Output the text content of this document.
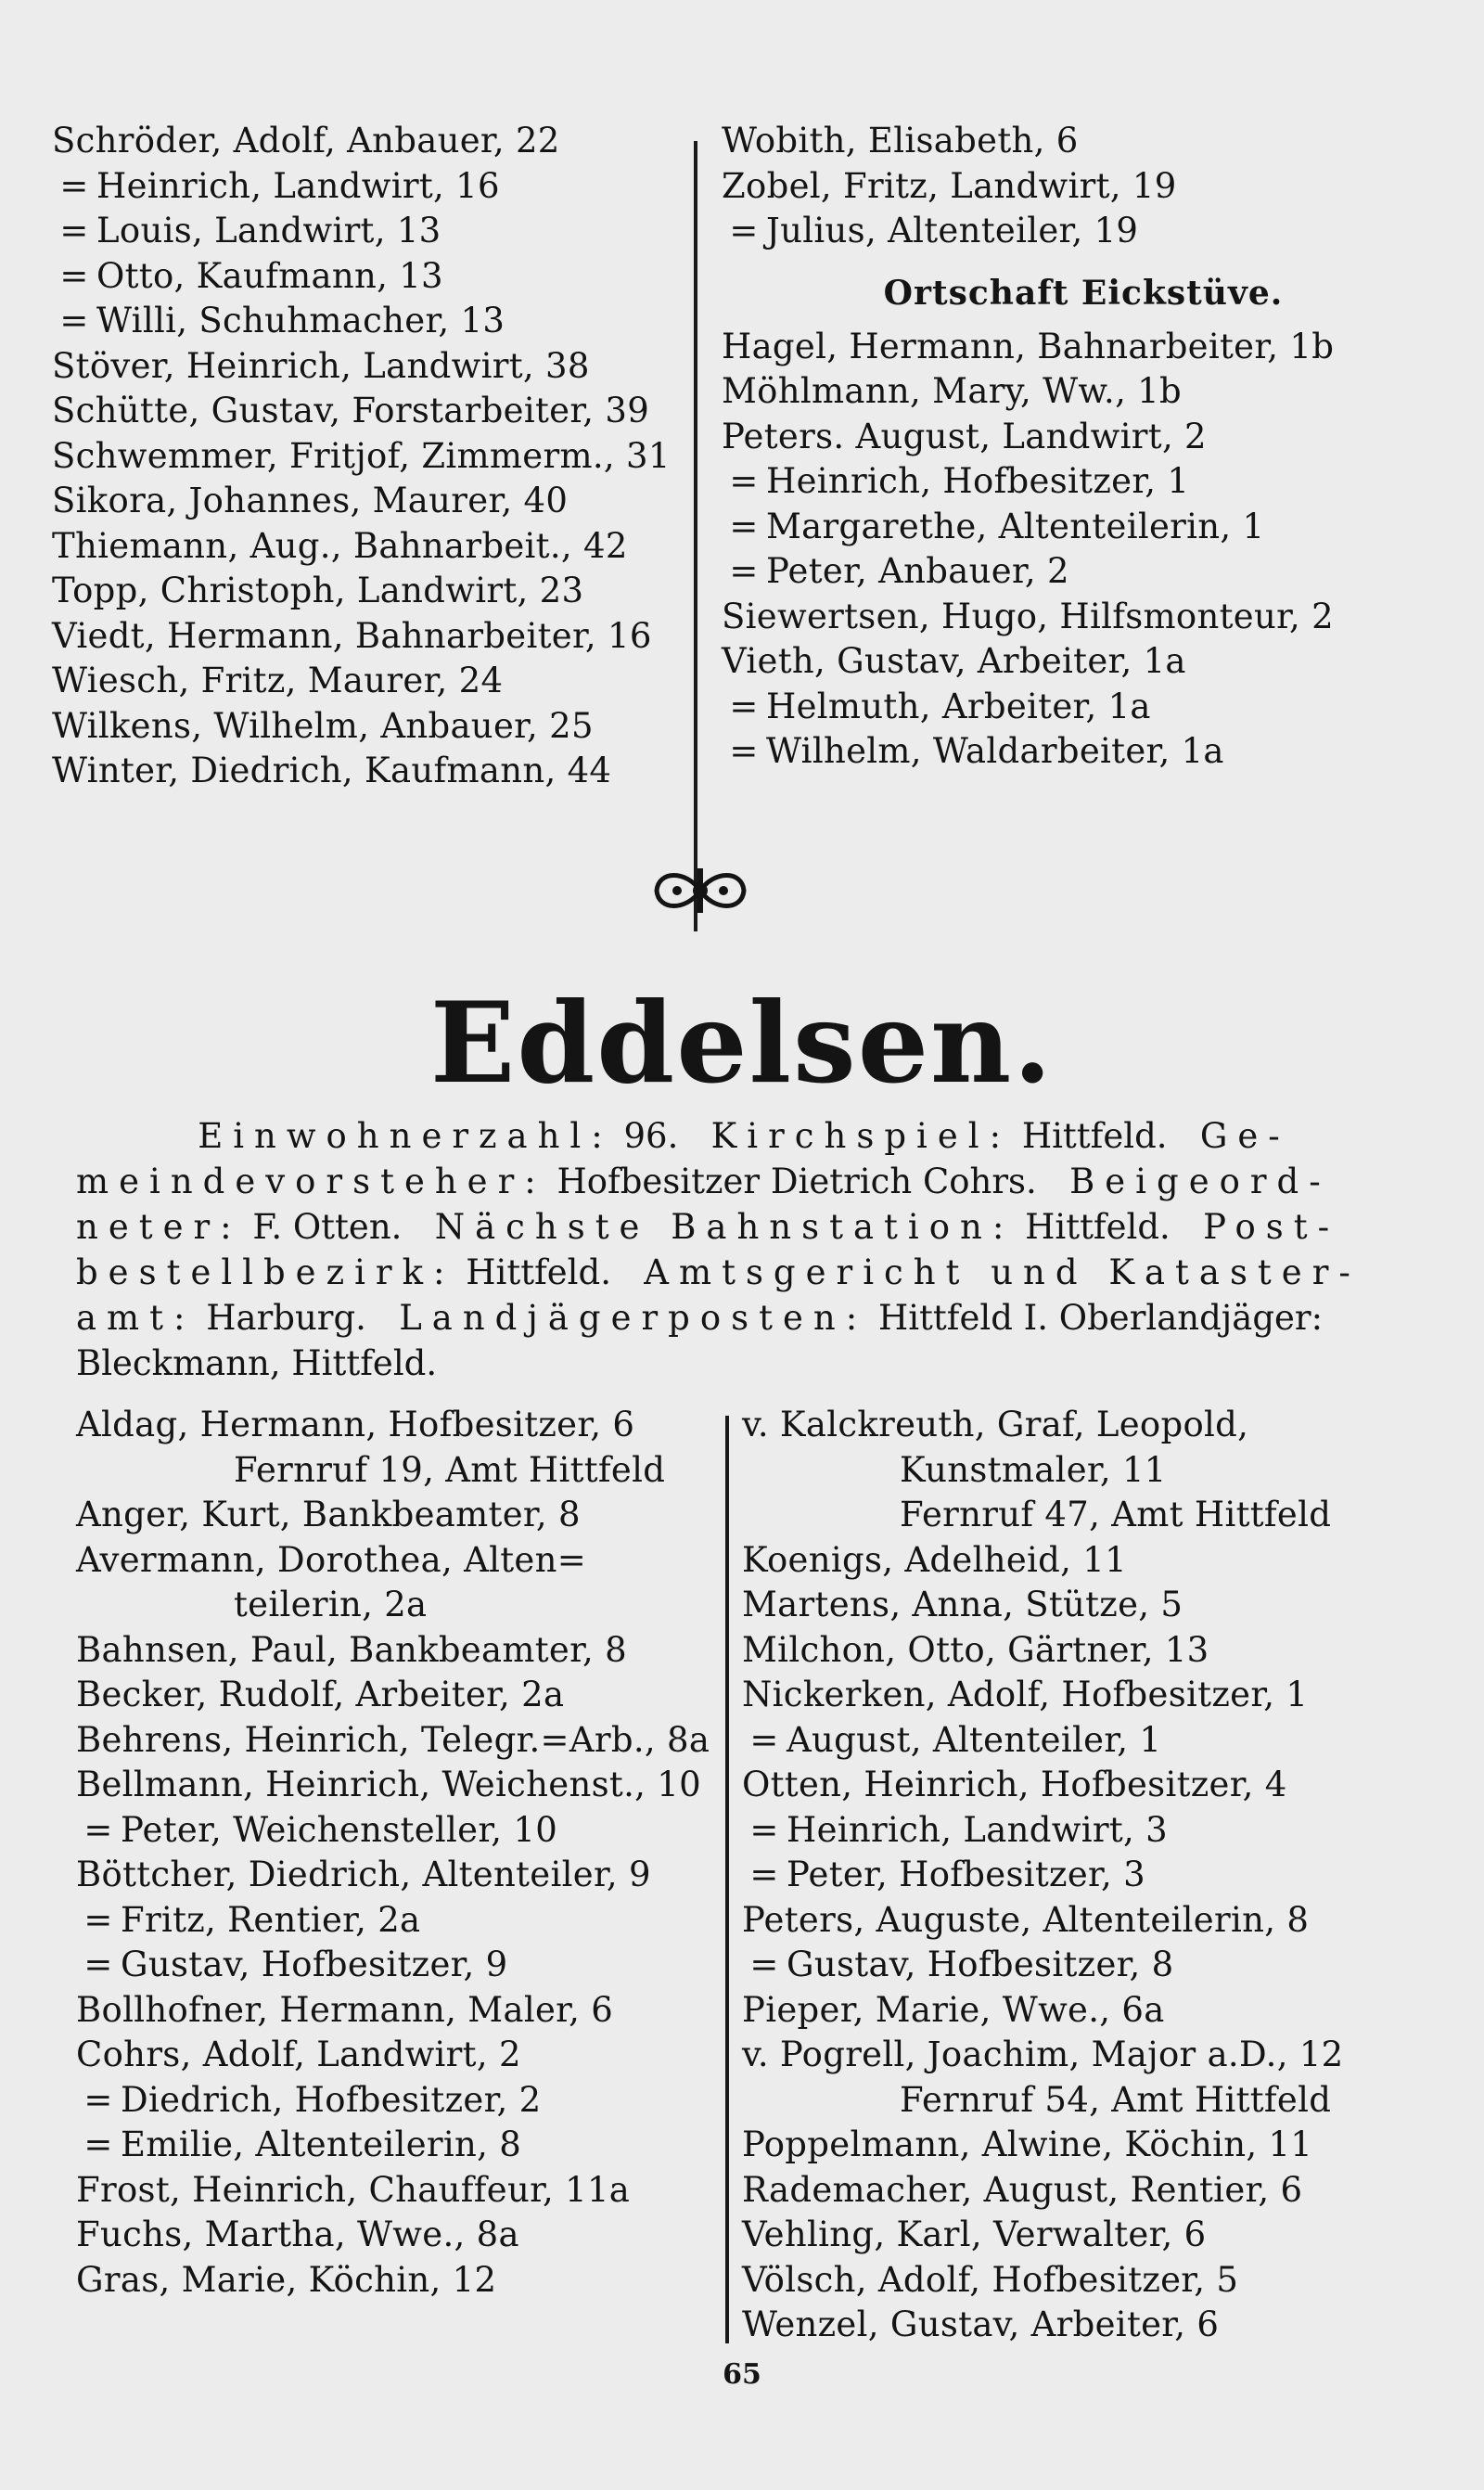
Schröder, Adolf, Anbauer, 22
= Heinrich, Landwirt, 16
= Louis, Landwirt, 13
= Otto, Kaufmann, 13
= Willi, Schuhmacher, 13
Stöver, Heinrich, Landwirt, 38
Schütte, Gustav, Forstarbeiter, 39
Schwemmer, Fritjof, Zimmerm., 31
Sikora, Johannes, Maurer, 40
Thiemann, Aug., Bahnarbeit., 42
Topp, Christoph, Landwirt, 23
Viedt, Hermann, Bahnarbeiter, 16
Wiesch, Fritz, Maurer, 24
Wilkens, Wilhelm, Anbauer, 25
Winter, Diedrich, Kaufmann, 44
Wobith, Elisabeth, 6
Zobel, Fritz, Landwirt, 19
= Julius, Altenteiler, 19
Ortschaft Eickstüve.
Hagel, Hermann, Bahnarbeiter, 1b
Möhlmann, Mary, Ww., 1b
Peters. August, Landwirt, 2
= Heinrich, Hofbesitzer, 1
= Margarethe, Altenteilerin, 1
= Peter, Anbauer, 2
Siewertsen, Hugo, Hilfsmonteur, 2
Vieth, Gustav, Arbeiter, 1a
= Helmuth, Arbeiter, 1a
= Wilhelm, Waldarbeiter, 1a
Eddelsen.
Einwohnerzahl: 96. Kirchspiel: Hittfeld. Ge-
meindevorsteher: Hofbesitzer Dietrich Cohrs. Beigeord-
neter: F. Otten. Nächste Bahnstation: Hittfeld. Post-
bestellbezirk: Hittfeld. Amtsgericht und Kataster-
amt: Harburg. Landjägerposten: Hittfeld I. Oberlandjäger:
Bleckmann, Hittfeld.
Aldag, Hermann, Hofbesitzer, 6
Fernruf 19, Amt Hittfeld
Anger, Kurt, Bankbeamter, 8
Avermann, Dorothea, Alten=
teilerin, 2a
Bahnsen, Paul, Bankbeamter, 8
Becker, Rudolf, Arbeiter, 2a
Behrens, Heinrich, Telegr.=Arb., 8a
Bellmann, Heinrich, Weichenst., 10
= Peter, Weichensteller, 10
Böttcher, Diedrich, Altenteiler, 9
= Fritz, Rentier, 2a
= Gustav, Hofbesitzer, 9
Bollhofner, Hermann, Maler, 6
Cohrs, Adolf, Landwirt, 2
= Diedrich, Hofbesitzer, 2
= Emilie, Altenteilerin, 8
Frost, Heinrich, Chauffeur, 11a
Fuchs, Martha, Wwe., 8a
Gras, Marie, Köchin, 12
v. Kalckreuth, Graf, Leopold,
Kunstmaler, 11
Fernruf 47, Amt Hittfeld
Koenigs, Adelheid, 11
Martens, Anna, Stütze, 5
Milchon, Otto, Gärtner, 13
Nickerken, Adolf, Hofbesitzer, 1
= August, Altenteiler, 1
Otten, Heinrich, Hofbesitzer, 4
= Heinrich, Landwirt, 3
= Peter, Hofbesitzer, 3
Peters, Auguste, Altenteilerin, 8
= Gustav, Hofbesitzer, 8
Pieper, Marie, Wwe., 6a
v. Pogrell, Joachim, Major a.D., 12
Fernruf 54, Amt Hittfeld
Poppelmann, Alwine, Köchin, 11
Rademacher, August, Rentier, 6
Vehling, Karl, Verwalter, 6
Völsch, Adolf, Hofbesitzer, 5
Wenzel, Gustav, Arbeiter, 6
65
